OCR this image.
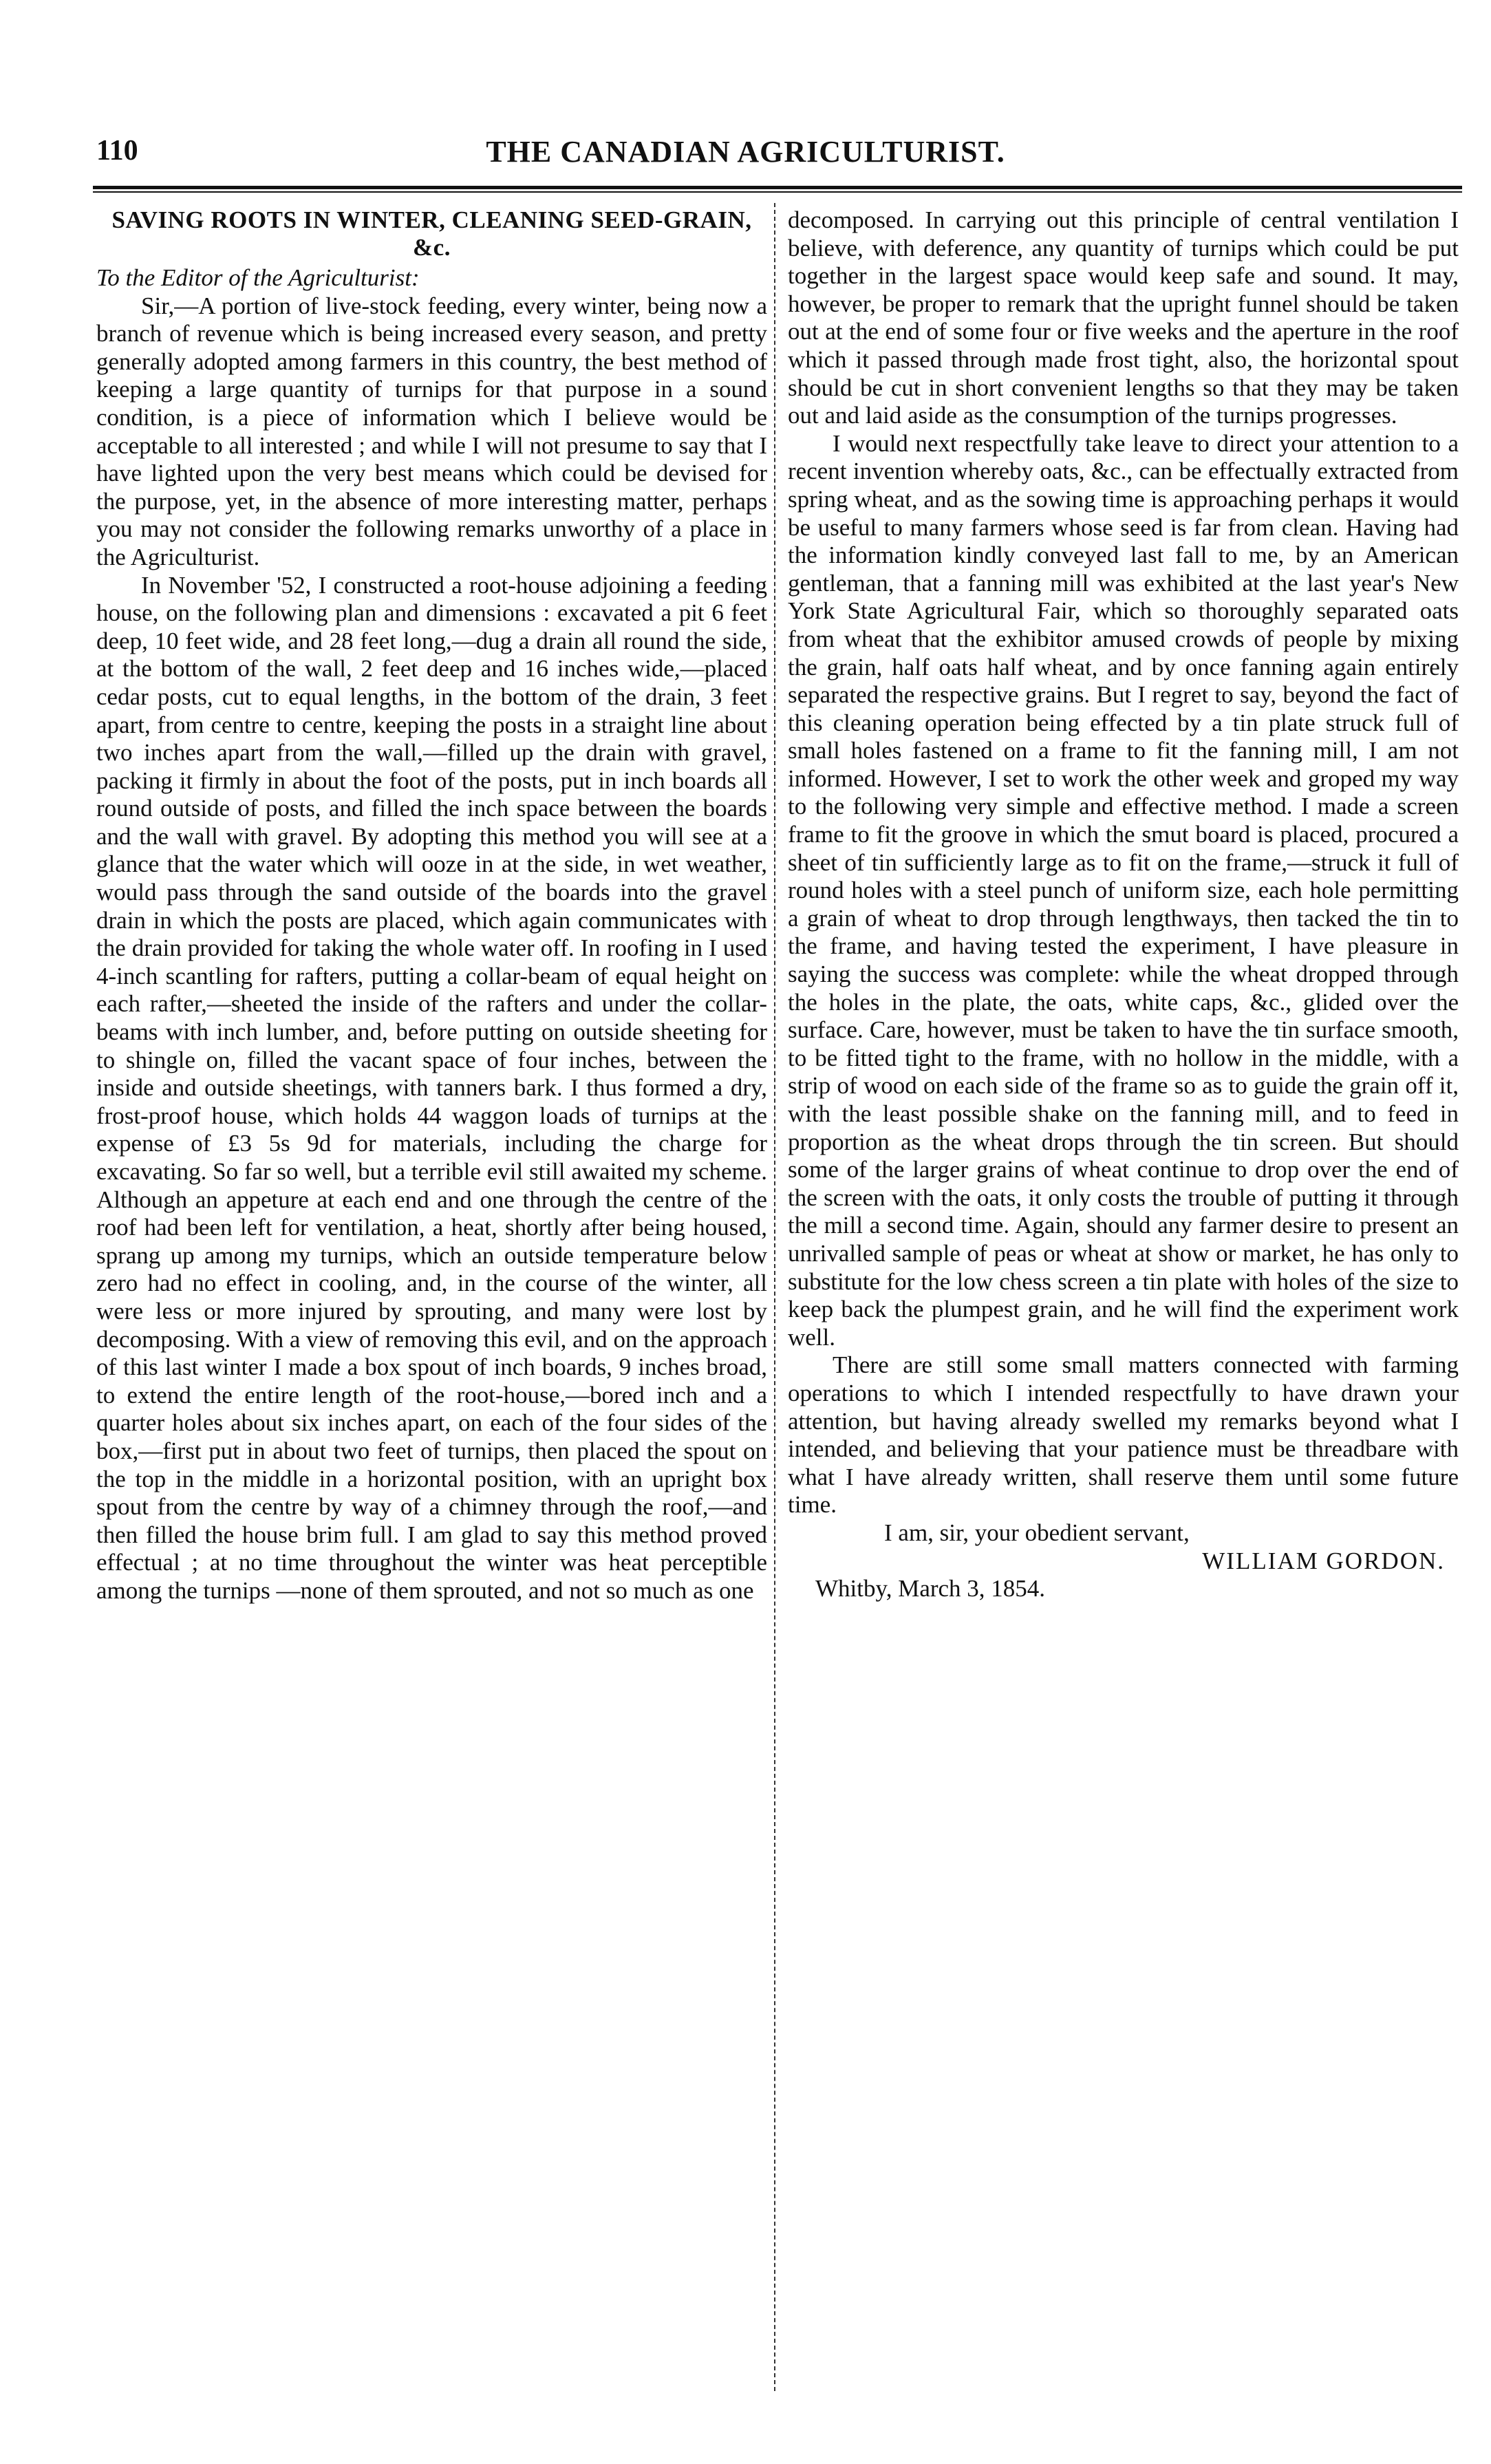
110	THE CANADIAN AGRICULTURIST.
SAVING ROOTS IN WINTER, CLEANING SEED-GRAIN, &c.

To the Editor of the Agriculturist:

Sir,—A portion of live-stock feeding, every winter, being now a branch of revenue which is being increased every season, and pretty generally adopted among farmers in this country, the best method of keeping a large quantity of turnips for that purpose in a sound condition, is a piece of information which I believe would be acceptable to all interested ; and while I will not presume to say that I have lighted upon the very best means which could be devised for the purpose, yet, in the absence of more interesting matter, perhaps you may not consider the following remarks unworthy of a place in the Agriculturist.

In November '52, I constructed a root-house adjoining a feeding house, on the following plan and dimensions : excavated a pit 6 feet deep, 10 feet wide, and 28 feet long,—dug a drain all round the side, at the bottom of the wall, 2 feet deep and 16 inches wide,—placed cedar posts, cut to equal lengths, in the bottom of the drain, 3 feet apart, from centre to centre, keeping the posts in a straight line about two inches apart from the wall,—filled up the drain with gravel, packing it firmly in about the foot of the posts, put in inch boards all round outside of posts, and filled the inch space between the boards and the wall with gravel. By adopting this method you will see at a glance that the water which will ooze in at the side, in wet weather, would pass through the sand outside of the boards into the gravel drain in which the posts are placed, which again communicates with the drain provided for taking the whole water off. In roofing in I used 4-inch scantling for rafters, putting a collar-beam of equal height on each rafter,—sheeted the inside of the rafters and under the collar-beams with inch lumber, and, before putting on outside sheeting for to shingle on, filled the vacant space of four inches, between the inside and outside sheetings, with tanners bark. I thus formed a dry, frost-proof house, which holds 44 waggon loads of turnips at the expense of £3 5s 9d for materials, including the charge for excavating. So far so well, but a terrible evil still awaited my scheme. Although an appeture at each end and one through the centre of the roof had been left for ventilation, a heat, shortly after being housed, sprang up among my turnips, which an outside temperature below zero had no effect in cooling, and, in the course of the winter, all were less or more injured by sprouting, and many were lost by decomposing. With a view of removing this evil, and on the approach of this last winter I made a box spout of inch boards, 9 inches broad, to extend the entire length of the root-house,—bored inch and a quarter holes about six inches apart, on each of the four sides of the box,—first put in about two feet of turnips, then placed the spout on the top in the middle in a horizontal position, with an upright box spout from the centre by way of a chimney through the roof,—and then filled the house brim full. I am glad to say this method proved effectual ; at no time throughout the winter was heat perceptible among the turnips —none of them sprouted, and not so much as one

decomposed. In carrying out this principle of central ventilation I believe, with deference, any quantity of turnips which could be put together in the largest space would keep safe and sound. It may, however, be proper to remark that the upright funnel should be taken out at the end of some four or five weeks and the aperture in the roof which it passed through made frost tight, also, the horizontal spout should be cut in short convenient lengths so that they may be taken out and laid aside as the consumption of the turnips progresses.

I would next respectfully take leave to direct your attention to a recent invention whereby oats, &c., can be effectually extracted from spring wheat, and as the sowing time is approaching perhaps it would be useful to many farmers whose seed is far from clean. Having had the information kindly conveyed last fall to me, by an American gentleman, that a fanning mill was exhibited at the last year's New York State Agricultural Fair, which so thoroughly separated oats from wheat that the exhibitor amused crowds of people by mixing the grain, half oats half wheat, and by once fanning again entirely separated the respective grains. But I regret to say, beyond the fact of this cleaning operation being effected by a tin plate struck full of small holes fastened on a frame to fit the fanning mill, I am not informed. However, I set to work the other week and groped my way to the following very simple and effective method. I made a screen frame to fit the groove in which the smut board is placed, procured a sheet of tin sufficiently large as to fit on the frame,—struck it full of round holes with a steel punch of uniform size, each hole permitting a grain of wheat to drop through lengthways, then tacked the tin to the frame, and having tested the experiment, I have pleasure in saying the success was complete: while the wheat dropped through the holes in the plate, the oats, white caps, &c., glided over the surface. Care, however, must be taken to have the tin surface smooth, to be fitted tight to the frame, with no hollow in the middle, with a strip of wood on each side of the frame so as to guide the grain off it, with the least possible shake on the fanning mill, and to feed in proportion as the wheat drops through the tin screen. But should some of the larger grains of wheat continue to drop over the end of the screen with the oats, it only costs the trouble of putting it through the mill a second time. Again, should any farmer desire to present an unrivalled sample of peas or wheat at show or market, he has only to substitute for the low chess screen a tin plate with holes of the size to keep back the plumpest grain, and he will find the experiment work well.

There are still some small matters connected with farming operations to which I intended respectfully to have drawn your attention, but having already swelled my remarks beyond what I intended, and believing that your patience must be threadbare with what I have already written, shall reserve them until some future time.

I am, sir, your obedient servant,
WILLIAM GORDON.
Whitby, March 3, 1854.
